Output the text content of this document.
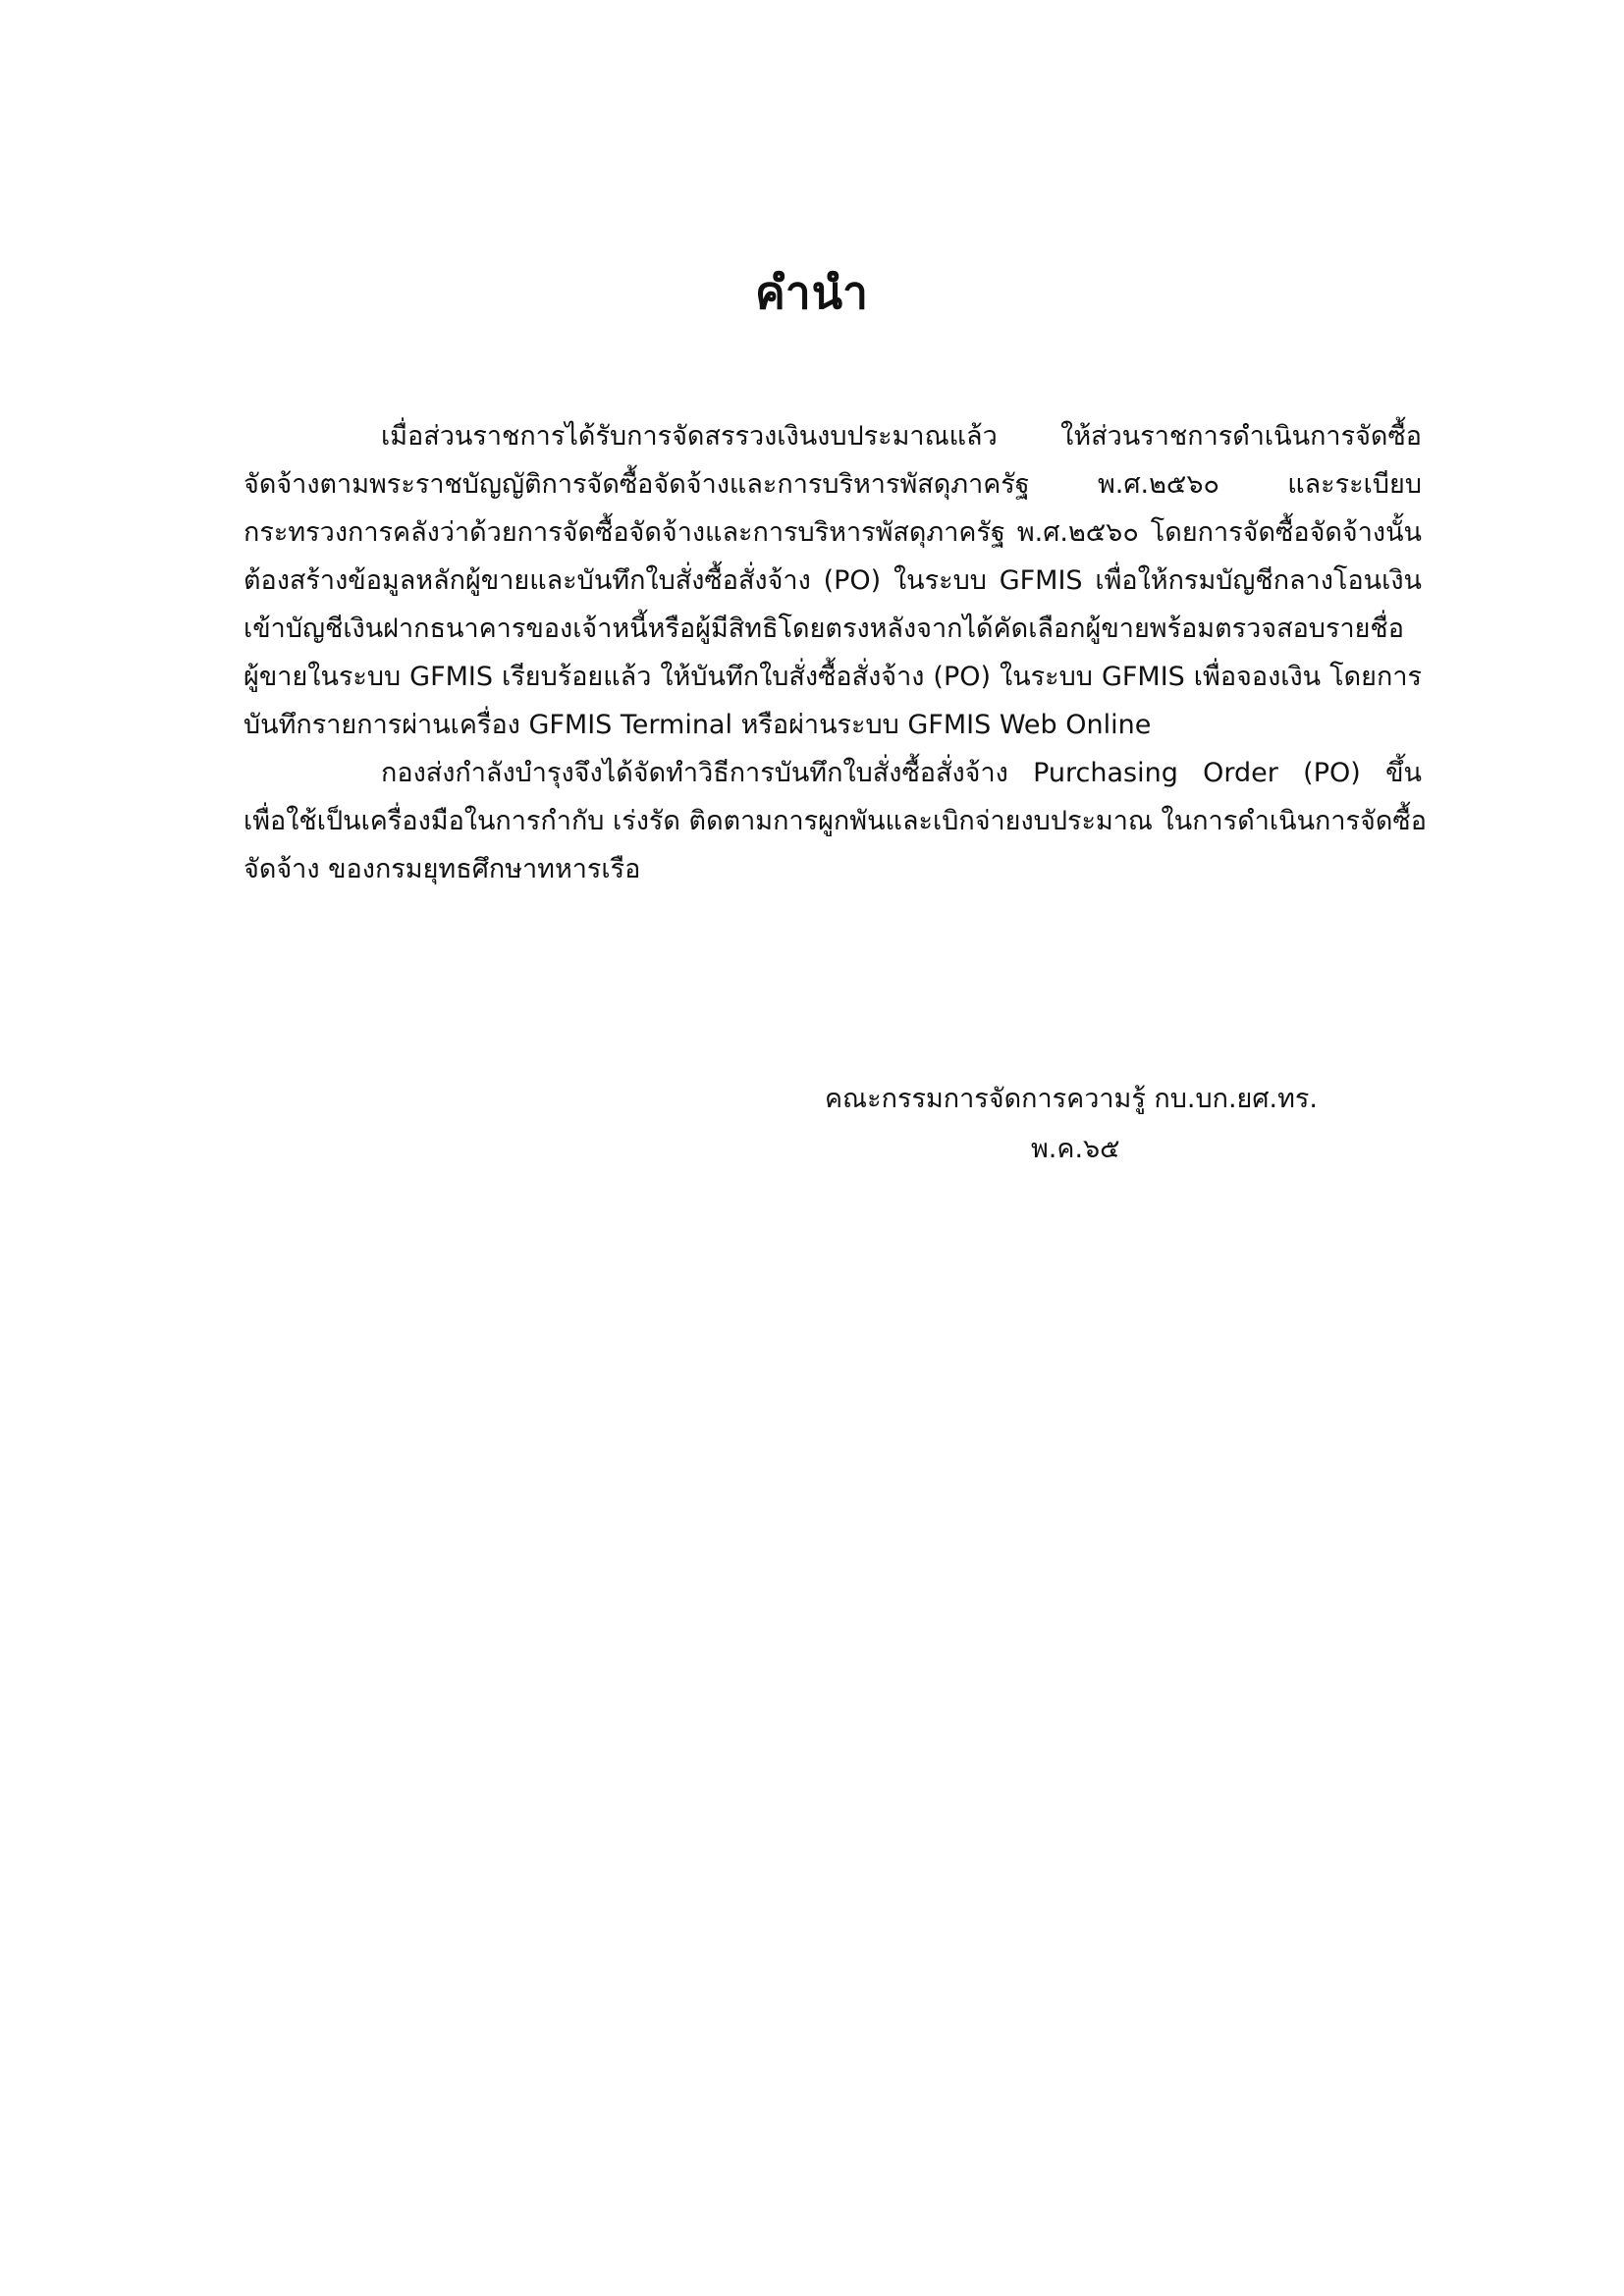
คำนำ
เมื่อส่วนราชการได้รับการจัดสรรวงเงินงบประมาณแล้ว ให้ส่วนราชการดำเนินการจัดซื้อ
จัดจ้างตามพระราชบัญญัติการจัดซื้อจัดจ้างและการบริหารพัสดุภาครัฐ พ.ศ.๒๕๖๐ และระเบียบ
กระทรวงการคลังว่าด้วยการจัดซื้อจัดจ้างและการบริหารพัสดุภาครัฐ พ.ศ.๒๕๖๐ โดยการจัดซื้อจัดจ้างนั้น
ต้องสร้างข้อมูลหลักผู้ขายและบันทึกใบสั่งซื้อสั่งจ้าง (PO) ในระบบ GFMIS เพื่อให้กรมบัญชีกลางโอนเงิน
เข้าบัญชีเงินฝากธนาคารของเจ้าหนี้หรือผู้มีสิทธิโดยตรงหลังจากได้คัดเลือกผู้ขายพร้อมตรวจสอบรายชื่อ
ผู้ขายในระบบ GFMIS เรียบร้อยแล้ว ให้บันทึกใบสั่งซื้อสั่งจ้าง (PO) ในระบบ GFMIS เพื่อจองเงิน โดยการ
บันทึกรายการผ่านเครื่อง GFMIS Terminal หรือผ่านระบบ GFMIS Web Online
กองส่งกำลังบำรุงจึงได้จัดทำวิธีการบันทึกใบสั่งซื้อสั่งจ้าง Purchasing Order (PO) ขึ้น
เพื่อใช้เป็นเครื่องมือในการกำกับ เร่งรัด ติดตามการผูกพันและเบิกจ่ายงบประมาณ ในการดำเนินการจัดซื้อ
จัดจ้าง ของกรมยุทธศึกษาทหารเรือ
คณะกรรมการจัดการความรู้ กบ.บก.ยศ.ทร.
พ.ค.๖๕
